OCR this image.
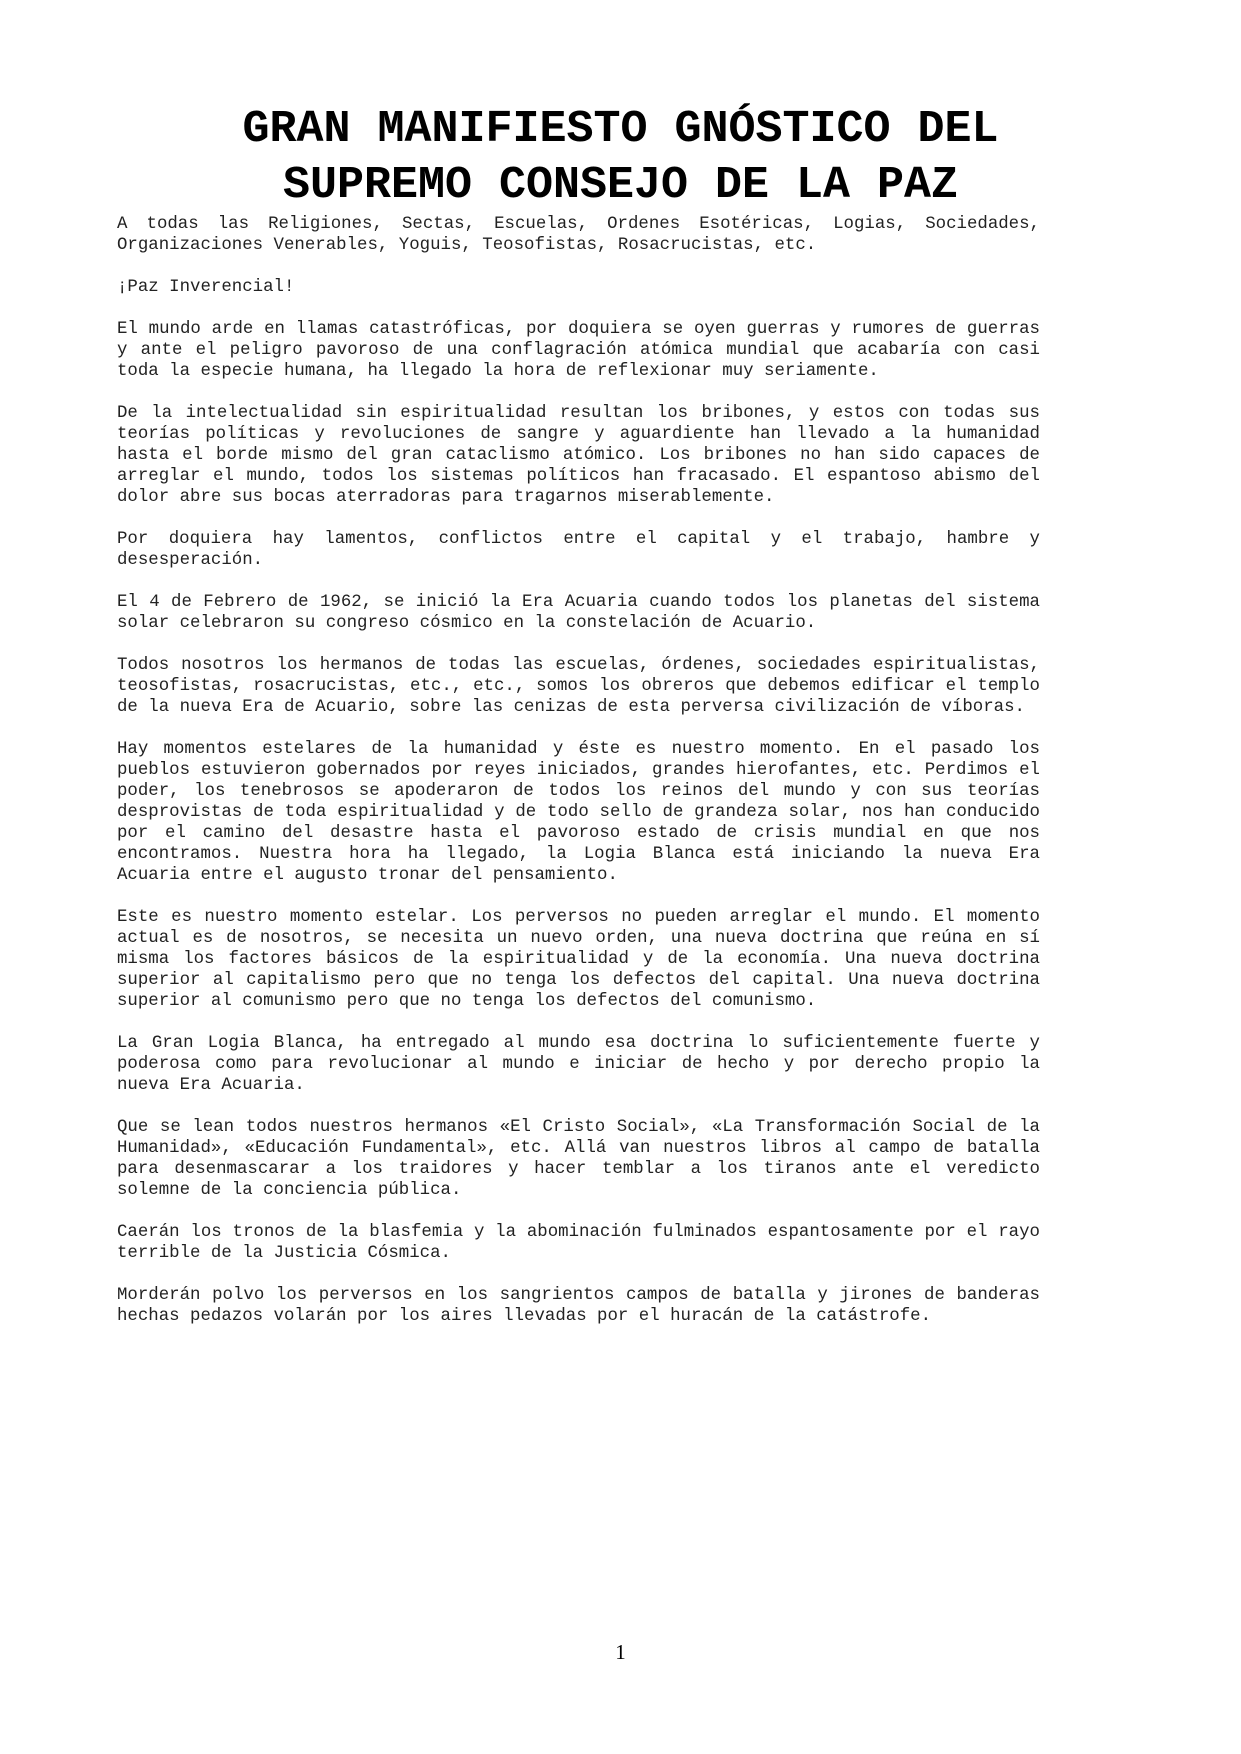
GRAN MANIFIESTO GNÓSTICO DEL
SUPREMO CONSEJO DE LA PAZ

A todas las Religiones, Sectas, Escuelas, Ordenes Esotéricas, Logias, Sociedades, Organizaciones Venerables, Yoguis, Teosofistas, Rosacrucistas, etc.

¡Paz Inverencial!

El mundo arde en llamas catastróficas, por doquiera se oyen guerras y rumores de guerras y ante el peligro pavoroso de una conflagración atómica mundial que acabaría con casi toda la especie humana, ha llegado la hora de reflexionar muy seriamente.

De la intelectualidad sin espiritualidad resultan los bribones, y estos con todas sus teorías políticas y revoluciones de sangre y aguardiente han llevado a la humanidad hasta el borde mismo del gran cataclismo atómico. Los bribones no han sido capaces de arreglar el mundo, todos los sistemas políticos han fracasado. El espantoso abismo del dolor abre sus bocas aterradoras para tragarnos miserablemente.

Por doquiera hay lamentos, conflictos entre el capital y el trabajo, hambre y desesperación.

El 4 de Febrero de 1962, se inició la Era Acuaria cuando todos los planetas del sistema solar celebraron su congreso cósmico en la constelación de Acuario.

Todos nosotros los hermanos de todas las escuelas, órdenes, sociedades espiritualistas, teosofistas, rosacrucistas, etc., etc., somos los obreros que debemos edificar el templo de la nueva Era de Acuario, sobre las cenizas de esta perversa civilización de víboras.

Hay momentos estelares de la humanidad y éste es nuestro momento. En el pasado los pueblos estuvieron gobernados por reyes iniciados, grandes hierofantes, etc. Perdimos el poder, los tenebrosos se apoderaron de todos los reinos del mundo y con sus teorías desprovistas de toda espiritualidad y de todo sello de grandeza solar, nos han conducido por el camino del desastre hasta el pavoroso estado de crisis mundial en que nos encontramos. Nuestra hora ha llegado, la Logia Blanca está iniciando la nueva Era Acuaria entre el augusto tronar del pensamiento.

Este es nuestro momento estelar. Los perversos no pueden arreglar el mundo. El momento actual es de nosotros, se necesita un nuevo orden, una nueva doctrina que reúna en sí misma los factores básicos de la espiritualidad y de la economía. Una nueva doctrina superior al capitalismo pero que no tenga los defectos del capital. Una nueva doctrina superior al comunismo pero que no tenga los defectos del comunismo.

La Gran Logia Blanca, ha entregado al mundo esa doctrina lo suficientemente fuerte y poderosa como para revolucionar al mundo e iniciar de hecho y por derecho propio la nueva Era Acuaria.

Que se lean todos nuestros hermanos «El Cristo Social», «La Transformación Social de la Humanidad», «Educación Fundamental», etc. Allá van nuestros libros al campo de batalla para desenmascarar a los traidores y hacer temblar a los tiranos ante el veredicto solemne de la conciencia pública.

Caerán los tronos de la blasfemia y la abominación fulminados espantosamente por el rayo terrible de la Justicia Cósmica.

Morderán polvo los perversos en los sangrientos campos de batalla y jirones de banderas hechas pedazos volarán por los aires llevadas por el huracán de la catástrofe.

1
